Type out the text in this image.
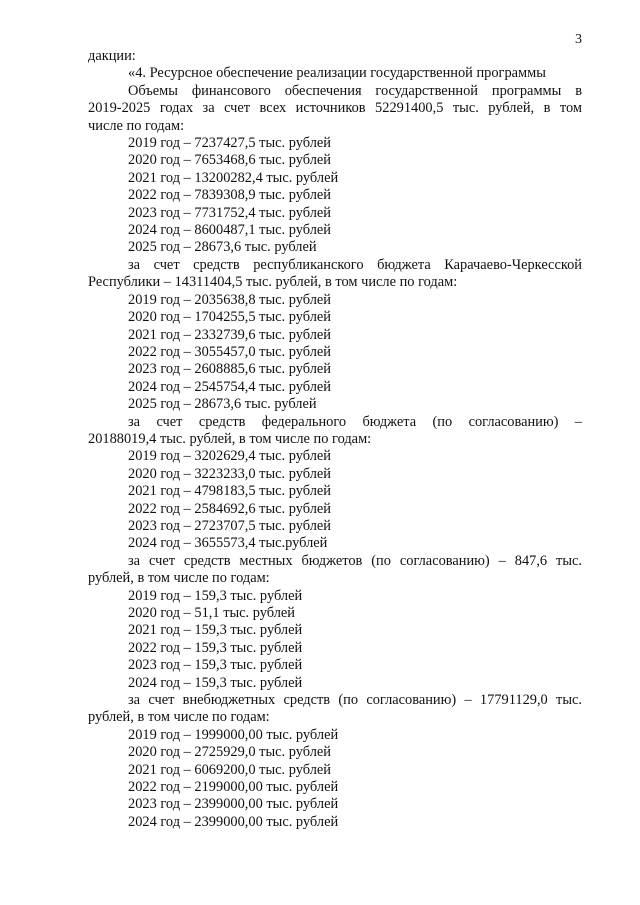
3
дакции:
«4. Ресурсное обеспечение реализации государственной программы
Объемы финансового обеспечения государственной программы в
2019-2025 годах за счет всех источников 52291400,5 тыс. рублей, в том
числе по годам:
2019 год – 7237427,5 тыс. рублей
2020 год – 7653468,6 тыс. рублей
2021 год – 13200282,4 тыс. рублей
2022 год – 7839308,9 тыс. рублей
2023 год – 7731752,4 тыс. рублей
2024 год – 8600487,1 тыс. рублей
2025 год – 28673,6 тыс. рублей
за счет средств республиканского бюджета Карачаево-Черкесской
Республики – 14311404,5 тыс. рублей, в том числе по годам:
2019 год – 2035638,8 тыс. рублей
2020 год – 1704255,5 тыс. рублей
2021 год – 2332739,6 тыс. рублей
2022 год – 3055457,0 тыс. рублей
2023 год – 2608885,6 тыс. рублей
2024 год – 2545754,4 тыс. рублей
2025 год – 28673,6 тыс. рублей
за счет средств федерального бюджета (по согласованию) –
20188019,4 тыс. рублей, в том числе по годам:
2019 год – 3202629,4 тыс. рублей
2020 год – 3223233,0 тыс. рублей
2021 год – 4798183,5 тыс. рублей
2022 год – 2584692,6 тыс. рублей
2023 год – 2723707,5 тыс. рублей
2024 год – 3655573,4 тыс.рублей
за счет средств местных бюджетов (по согласованию) – 847,6 тыс.
рублей, в том числе по годам:
2019 год – 159,3 тыс. рублей
2020 год – 51,1 тыс. рублей
2021 год – 159,3 тыс. рублей
2022 год – 159,3 тыс. рублей
2023 год – 159,3 тыс. рублей
2024 год – 159,3 тыс. рублей
за счет внебюджетных средств (по согласованию) – 17791129,0 тыс.
рублей, в том числе по годам:
2019 год – 1999000,00 тыс. рублей
2020 год – 2725929,0 тыс. рублей
2021 год – 6069200,0 тыс. рублей
2022 год – 2199000,00 тыс. рублей
2023 год – 2399000,00 тыс. рублей
2024 год – 2399000,00 тыс. рублей
